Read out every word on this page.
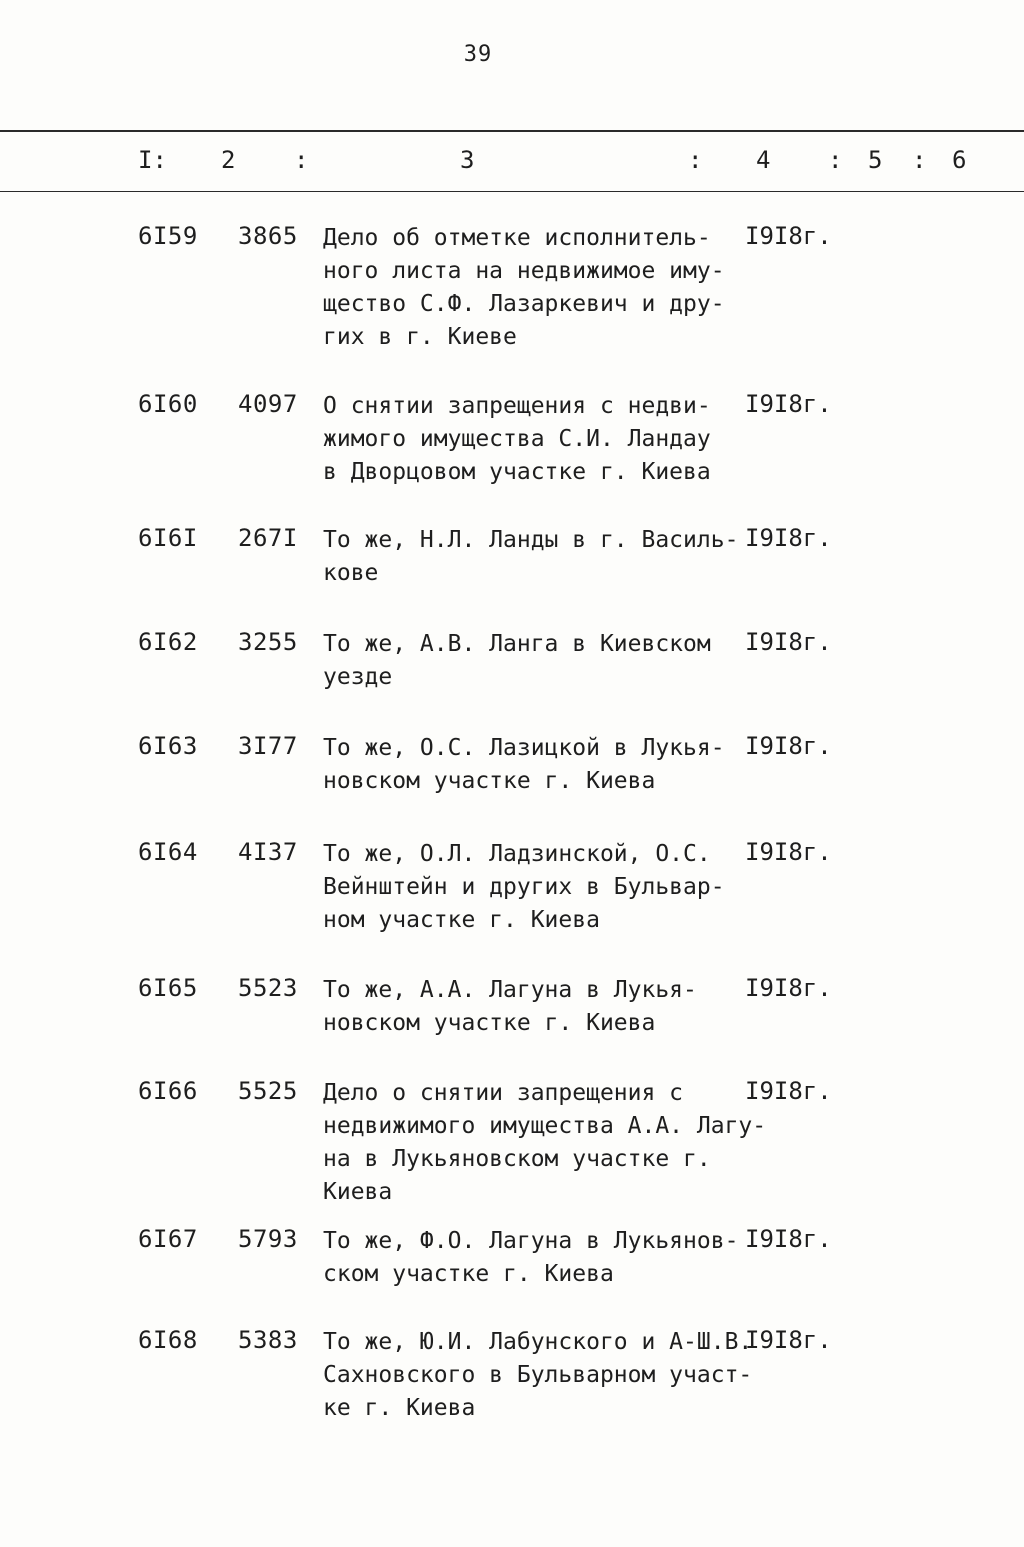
39
I: 2 :	3	: 4 : 5 : 6
6I59 3865 Дело об отметке исполнитель-
ного листа на недвижимое иму-
щество С.Ф. Лазаркевич и дру-
гих в г. Киеве
I9I8г.
6I60 4097 О снятии запрещения с недви-
жимого имущества С.И. Ландау
в Дворцовом участке г. Киева
I9I8г.
6I6I 267I То же, Н.Л. Ланды в г. Василь-
кове
I9I8г.
6I62 3255 То же, А.В. Ланга в Киевском
уезде
I9I8г.
6I63 3I77 То же, О.С. Лазицкой в Лукья-
новском участке г. Киева
I9I8г.
6I64 4I37 То же, О.Л. Ладзинской, О.С.
Вейнштейн и других в Бульвар-
ном участке г. Киева
I9I8г.
6I65 5523 То же, А.А. Лагуна в Лукья-
новском участке г. Киева
I9I8г.
6I66 5525 Дело о снятии запрещения с
недвижимого имущества А.А. Лагу-
на в Лукьяновском участке г.
Киева
I9I8г.
6I67 5793 То же, Ф.О. Лагуна в Лукьянов-
ском участке г. Киева
I9I8г.
6I68 5383 То же, Ю.И. Лабунского и А-Ш.В.
Сахновского в Бульварном участ-
ке г. Киева
I9I8г.
